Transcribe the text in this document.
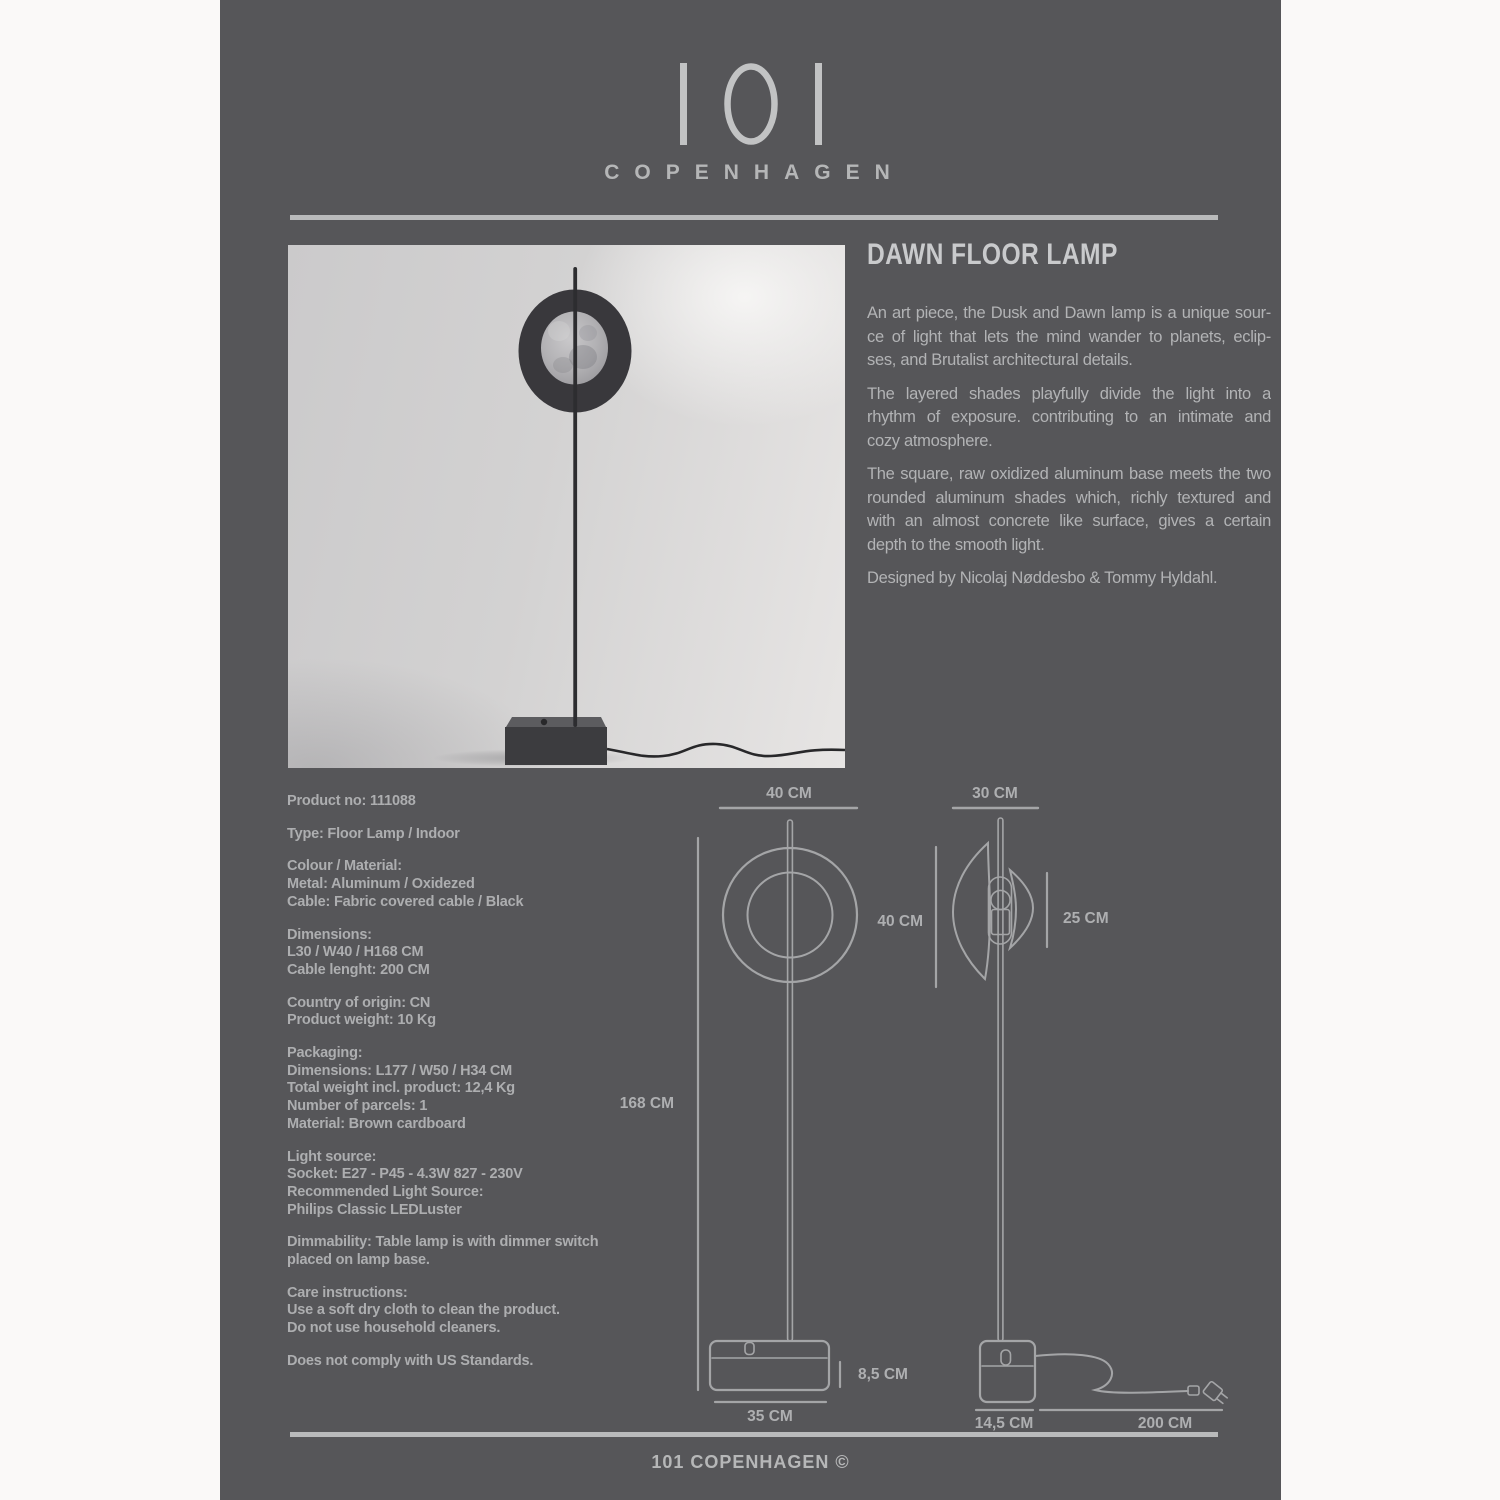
COPENHAGEN
DAWN FLOOR LAMP
An art piece, the Dusk and Dawn lamp is a unique sour-
ce of light that lets the mind wander to planets, eclip-
ses, and Brutalist architectural details.
The layered shades playfully divide the light into a
rhythm of exposure. contributing to an intimate and
cozy atmosphere.
The square, raw oxidized aluminum base meets the two
rounded aluminum shades which, richly textured and
with an almost concrete like surface, gives a certain
depth to the smooth light.
Designed by Nicolaj Nøddesbo & Tommy Hyldahl.
Product no: 111088
Type: Floor Lamp / Indoor
Colour / Material:
Metal: Aluminum / Oxidezed
Cable: Fabric covered cable / Black
Dimensions:
L30 / W40 / H168 CM
Cable lenght: 200 CM
Country of origin: CN
Product weight: 10 Kg
Packaging:
Dimensions: L177 / W50 / H34 CM
Total weight incl. product: 12,4 Kg
Number of parcels: 1
Material: Brown cardboard
Light source:
Socket: E27 - P45 - 4.3W 827 - 230V
Recommended Light Source:
Philips Classic LEDLuster
Dimmability: Table lamp is with dimmer switch
placed on lamp base.
Care instructions:
Use a soft dry cloth to clean the product.
Do not use household cleaners.
Does not comply with US Standards.
40 CM
40 CM
168 CM
8,5 CM
35 CM
30 CM
25 CM
14,5 CM	200 CM
101 COPENHAGEN ©
